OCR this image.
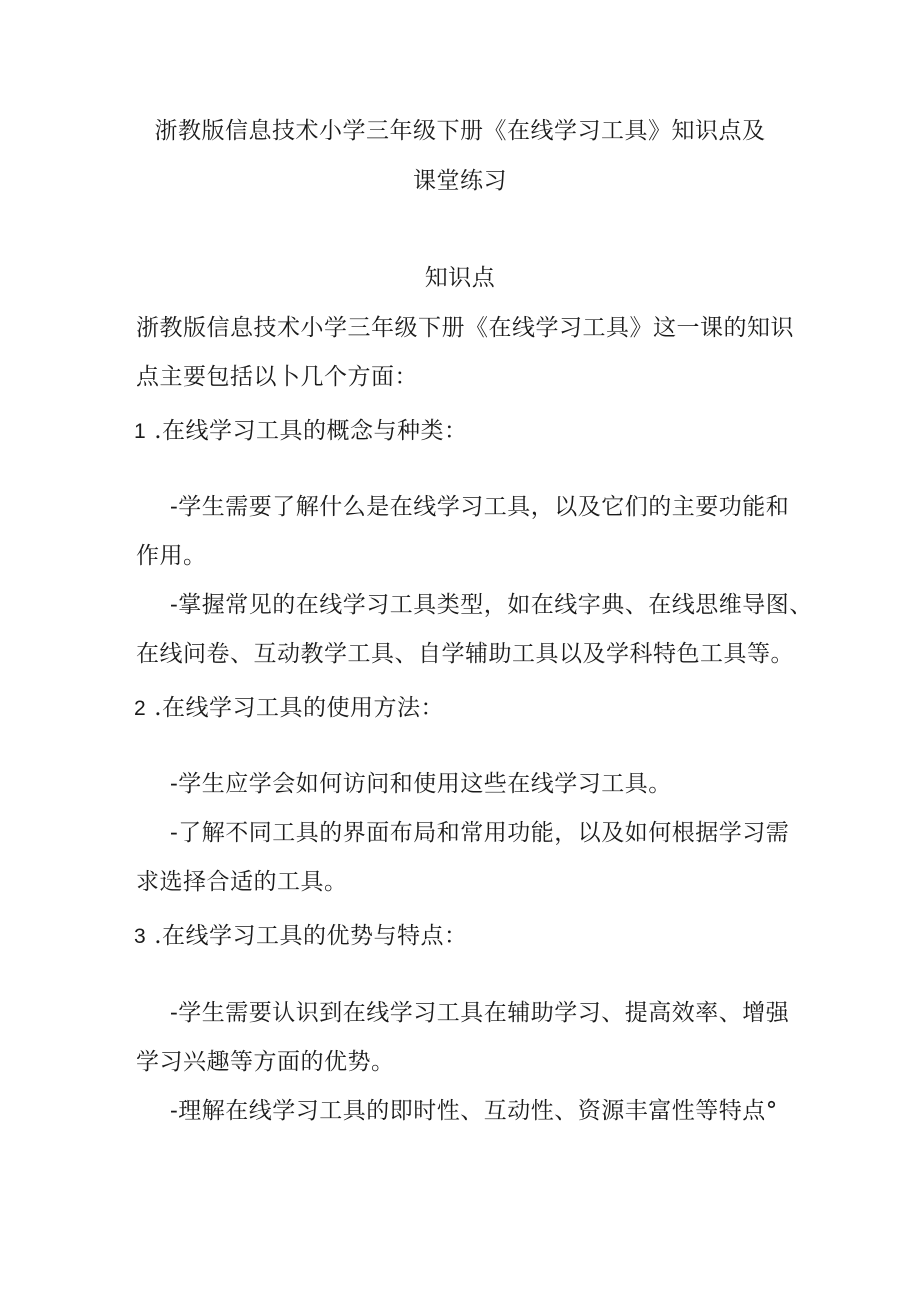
浙教版信息技术小学三年级下册《在线学习工具》知识点及
课堂练习
知识点
浙教版信息技术小学三年级下册《在线学习工具》这一课的知识
点主要包括以卜几个方面：
1 .在线学习工具的概念与种类：
-学生需要了解什么是在线学习工具，以及它们的主要功能和
作用。
-掌握常见的在线学习工具类型，如在线字典、在线思维导图、
在线问卷、互动教学工具、自学辅助工具以及学科特色工具等。
2 .在线学习工具的使用方法：
-学生应学会如何访问和使用这些在线学习工具。
-了解不同工具的界面布局和常用功能，以及如何根据学习需
求选择合适的工具。
3 .在线学习工具的优势与特点：
-学生需要认识到在线学习工具在辅助学习、提高效率、增强
学习兴趣等方面的优势。
-理解在线学习工具的即时性、互动性、资源丰富性等特点°
